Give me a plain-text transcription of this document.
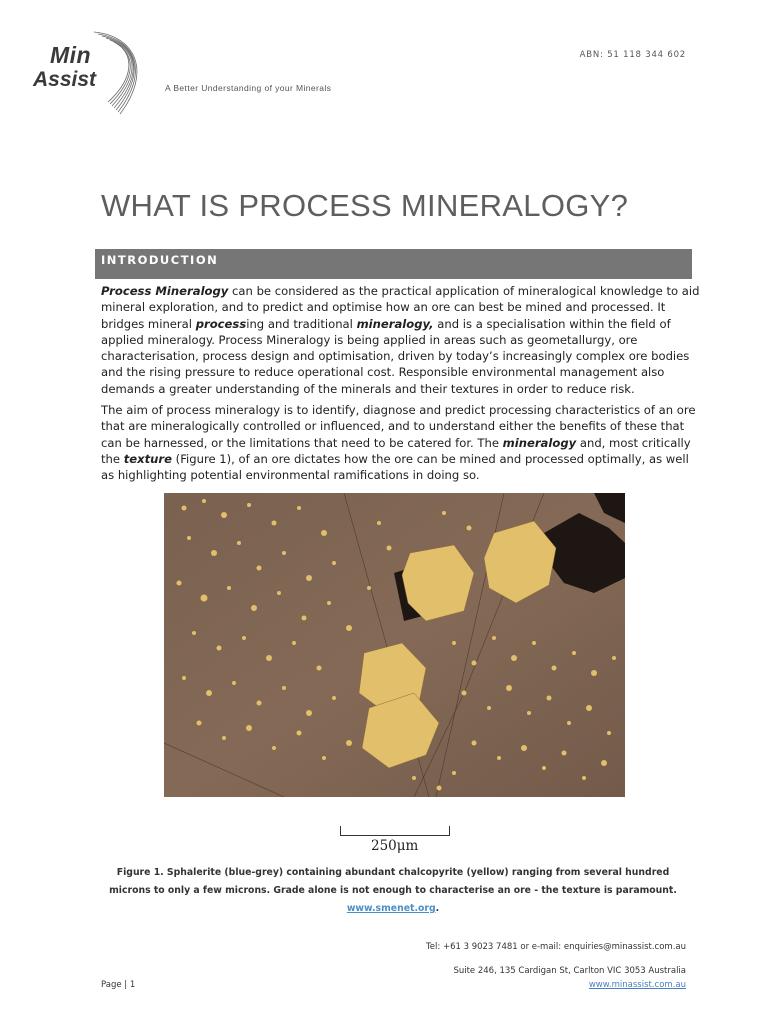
Min
Assist	A Better Understanding of your Minerals
ABN: 51 118 344 602
WHAT IS PROCESS MINERALOGY?
INTRODUCTION

Process Mineralogy can be considered as the practical application of mineralogical knowledge to aid mineral exploration, and to predict and optimise how an ore can best be mined and processed. It bridges mineral processing and traditional mineralogy, and is a specialisation within the field of applied mineralogy. Process Mineralogy is being applied in areas such as geometallurgy, ore characterisation, process design and optimisation, driven by today’s increasingly complex ore bodies and the rising pressure to reduce operational cost. Responsible environmental management also demands a greater understanding of the minerals and their textures in order to reduce risk.

The aim of process mineralogy is to identify, diagnose and predict processing characteristics of an ore that are mineralogically controlled or influenced, and to understand either the benefits of these that can be harnessed, or the limitations that need to be catered for. The mineralogy and, most critically the texture (Figure 1), of an ore dictates how the ore can be mined and processed optimally, as well as highlighting potential environmental ramifications in doing so.

250μm
Figure 1. Sphalerite (blue-grey) containing abundant chalcopyrite (yellow) ranging from several hundred microns to only a few microns. Grade alone is not enough to characterise an ore - the texture is paramount. www.smenet.org.
Tel: +61 3 9023 7481 or e-mail: enquiries@minassist.com.au
Suite 246, 135 Cardigan St, Carlton VIC 3053 Australia
www.minassist.com.au
Page | 1
